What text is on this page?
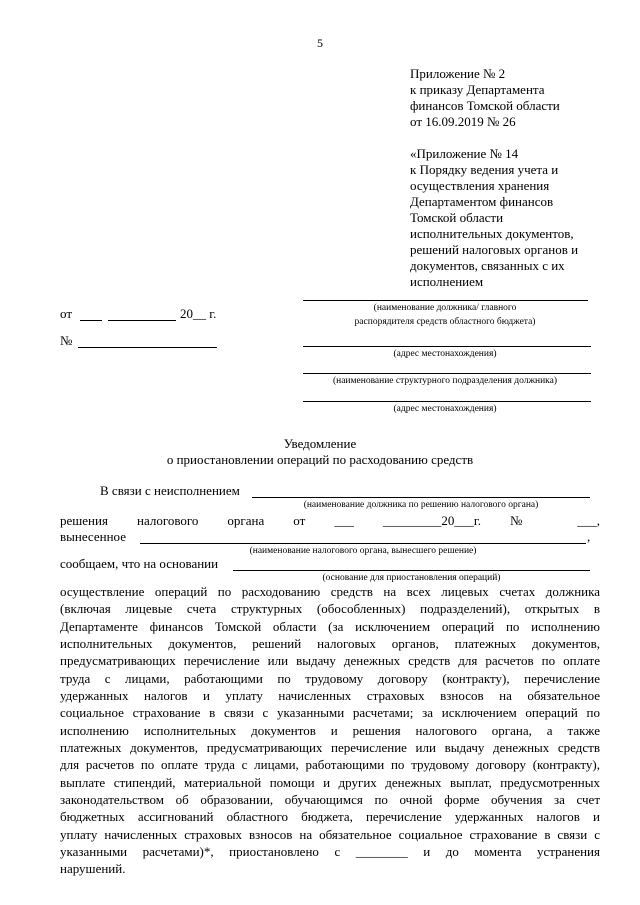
5
Приложение № 2
к приказу Департамента
финансов Томской области
от 16.09.2019 № 26
«Приложение № 14
к Порядку ведения учета и
осуществления хранения
Департаментом финансов
Томской области
исполнительных документов,
решений налоговых органов и
документов, связанных с их
исполнением
от	20__ г.
№
(наименование должника/ главного
распорядителя средств областного бюджета)
(адрес местонахождения)
(наименование структурного подразделения должника)
(адрес местонахождения)
Уведомление
о приостановлении операций по расходованию средств
В связи с неисполнением
(наименование должника по решению налогового органа)
решения налогового органа от ___ _________20___г. № ___,
вынесенное	,
(наименование налогового органа, вынесшего решение)
сообщаем, что на основании
(основание для приостановления операций)
осуществление операций по расходованию средств на всех лицевых счетах должника
(включая лицевые счета структурных (обособленных) подразделений), открытых в
Департаменте финансов Томской области (за исключением операций по исполнению
исполнительных документов, решений налоговых органов, платежных документов,
предусматривающих перечисление или выдачу денежных средств для расчетов по оплате
труда с лицами, работающими по трудовому договору (контракту), перечисление
удержанных налогов и уплату начисленных страховых взносов на обязательное
социальное страхование в связи с указанными расчетами; за исключением операций по
исполнению исполнительных документов и решения налогового органа, а также
платежных документов, предусматривающих перечисление или выдачу денежных средств
для расчетов по оплате труда с лицами, работающими по трудовому договору (контракту),
выплате стипендий, материальной помощи и других денежных выплат, предусмотренных
законодательством об образовании, обучающимся по очной форме обучения за счет
бюджетных ассигнований областного бюджета, перечисление удержанных налогов и
уплату начисленных страховых взносов на обязательное социальное страхование в связи с
указанными расчетами)*, приостановлено с ________ и до момента устранения
нарушений.
